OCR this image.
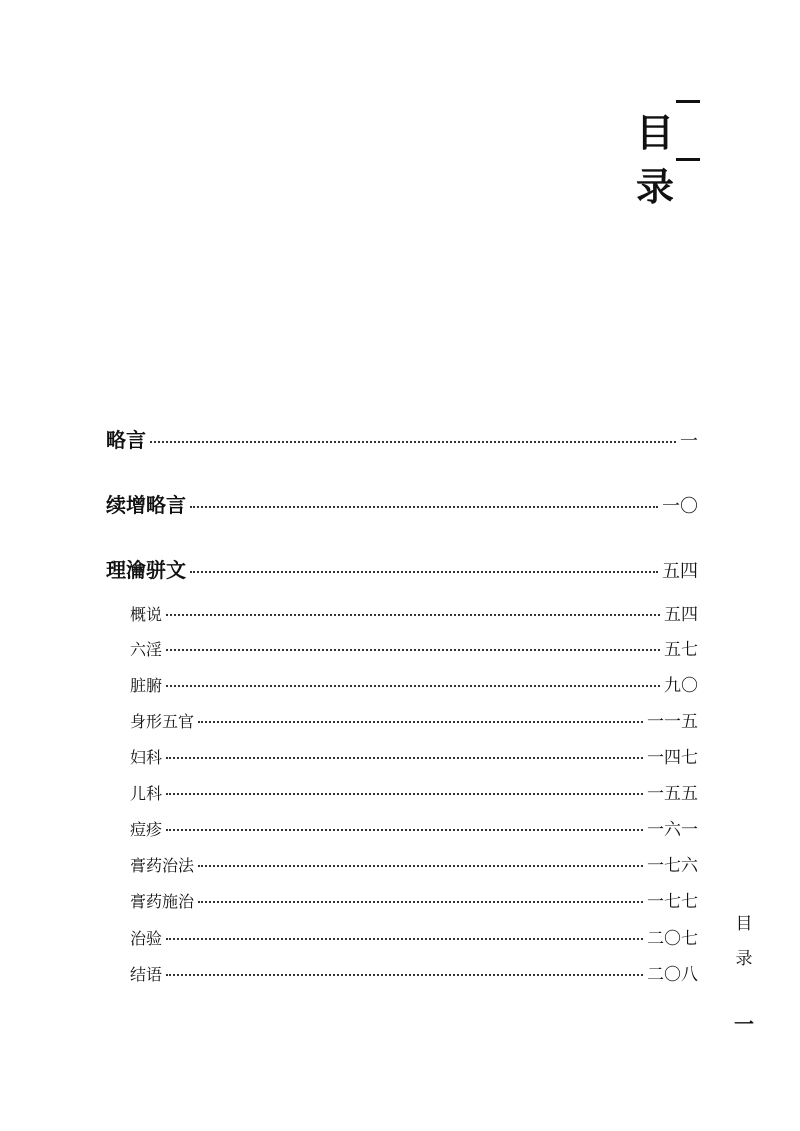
目
录
略言	一
续增略言	一〇
理瀹骈文	五四
概说	五四
六淫	五七
脏腑	九〇
身形五官	一一五
妇科	一四七
儿科	一五五
痘疹	一六一
膏药治法	一七六
膏药施治	一七七
治验	二〇七
结语	二〇八
目
录
一
